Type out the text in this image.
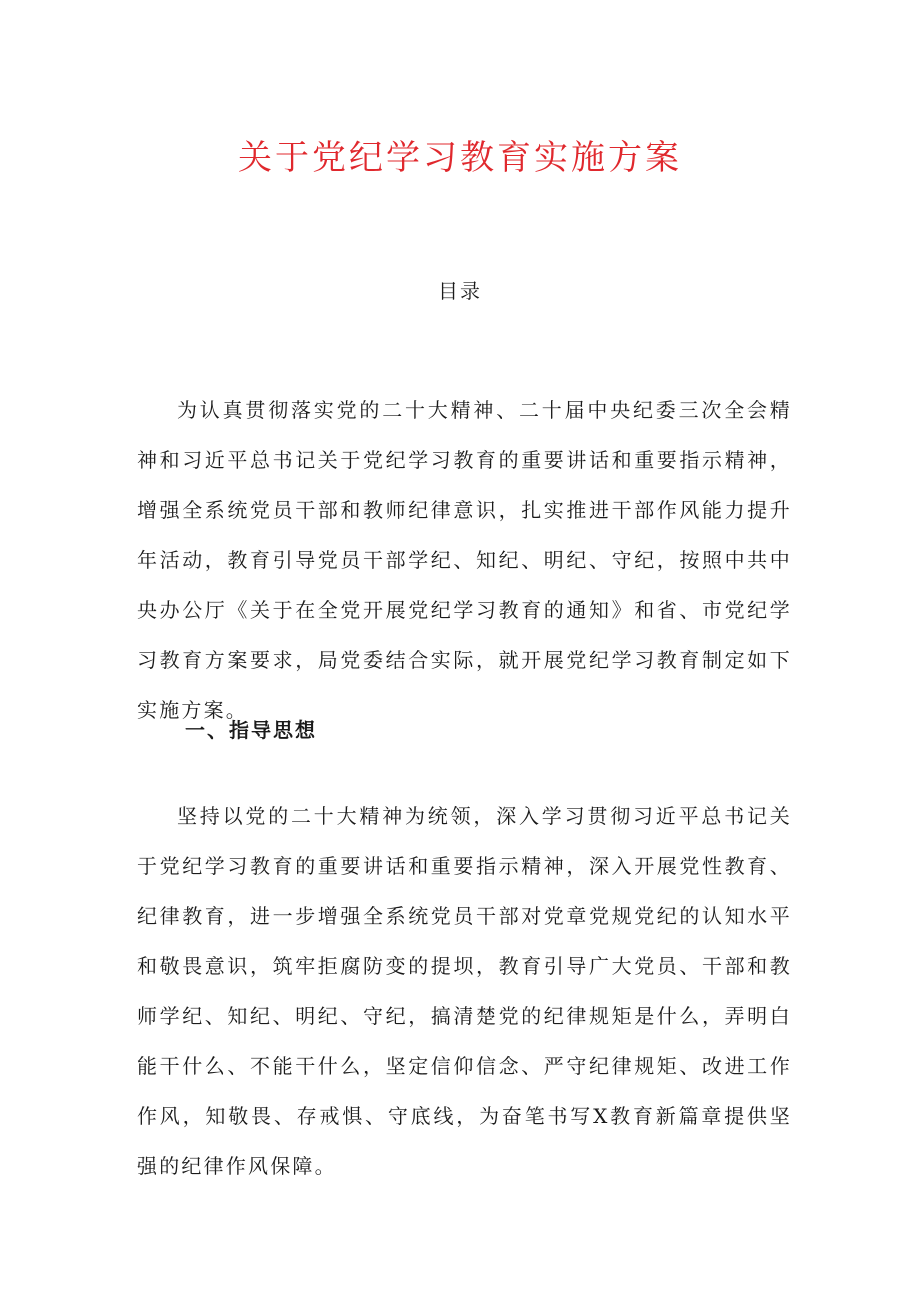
关于党纪学习教育实施方案
目录

为认真贯彻落实党的二十大精神、二十届中央纪委三次全会精神和习近平总书记关于党纪学习教育的重要讲话和重要指示精神，增强全系统党员干部和教师纪律意识，扎实推进干部作风能力提升年活动，教育引导党员干部学纪、知纪、明纪、守纪，按照中共中央办公厅《关于在全党开展党纪学习教育的通知》和省、市党纪学习教育方案要求，局党委结合实际，就开展党纪学习教育制定如下实施方案。

一、指导思想

坚持以党的二十大精神为统领，深入学习贯彻习近平总书记关于党纪学习教育的重要讲话和重要指示精神，深入开展党性教育、纪律教育，进一步增强全系统党员干部对党章党规党纪的认知水平和敬畏意识，筑牢拒腐防变的提坝，教育引导广大党员、干部和教师学纪、知纪、明纪、守纪，搞清楚党的纪律规矩是什么，弄明白能干什么、不能干什么，坚定信仰信念、严守纪律规矩、改进工作作风，知敬畏、存戒惧、守底线，为奋笔书写X教育新篇章提供坚强的纪律作风保障。
